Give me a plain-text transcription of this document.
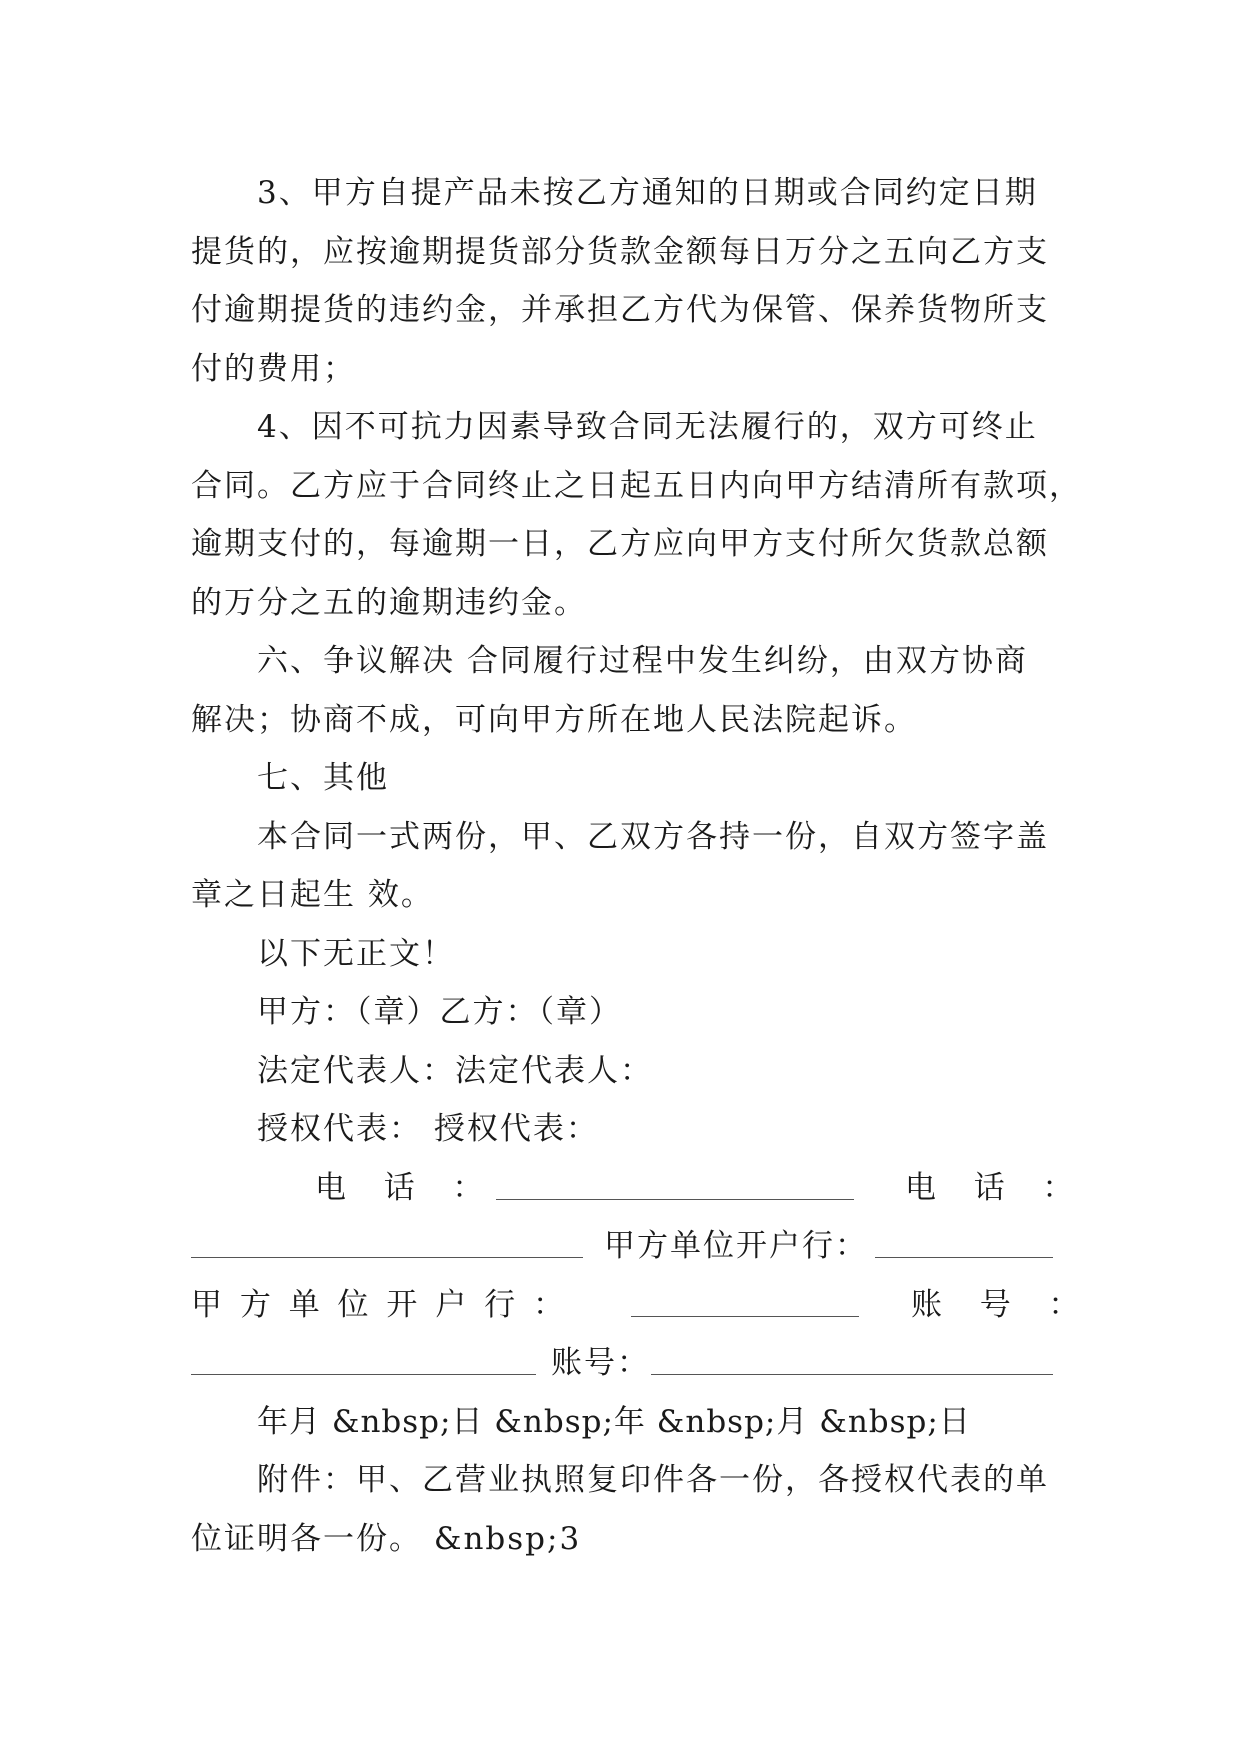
3、甲方自提产品未按乙方通知的日期或合同约定日期
提货的，应按逾期提货部分货款金额每日万分之五向乙方支
付逾期提货的违约金，并承担乙方代为保管、保养货物所支
付的费用；
4、因不可抗力因素导致合同无法履行的，双方可终止
合同。乙方应于合同终止之日起五日内向甲方结清所有款项，
逾期支付的，每逾期一日，乙方应向甲方支付所欠货款总额
的万分之五的逾期违约金。
六、争议解决 合同履行过程中发生纠纷，由双方协商
解决；协商不成，可向甲方所在地人民法院起诉。
七、其他
本合同一式两份，甲、乙双方各持一份，自双方签字盖
章之日起生 效。
以下无正文！
甲方：（章）乙方：（章）
法定代表人：法定代表人：
授权代表： 授权代表：
电  话  ：	电  话  ：
甲方单位开户行：
甲 方 单 位 开 户 行 ：	账  号  ：
账号：
年月 &nbsp;日 &nbsp;年 &nbsp;月 &nbsp;日
附件：甲、乙营业执照复印件各一份，各授权代表的单
位证明各一份。 &nbsp;3
